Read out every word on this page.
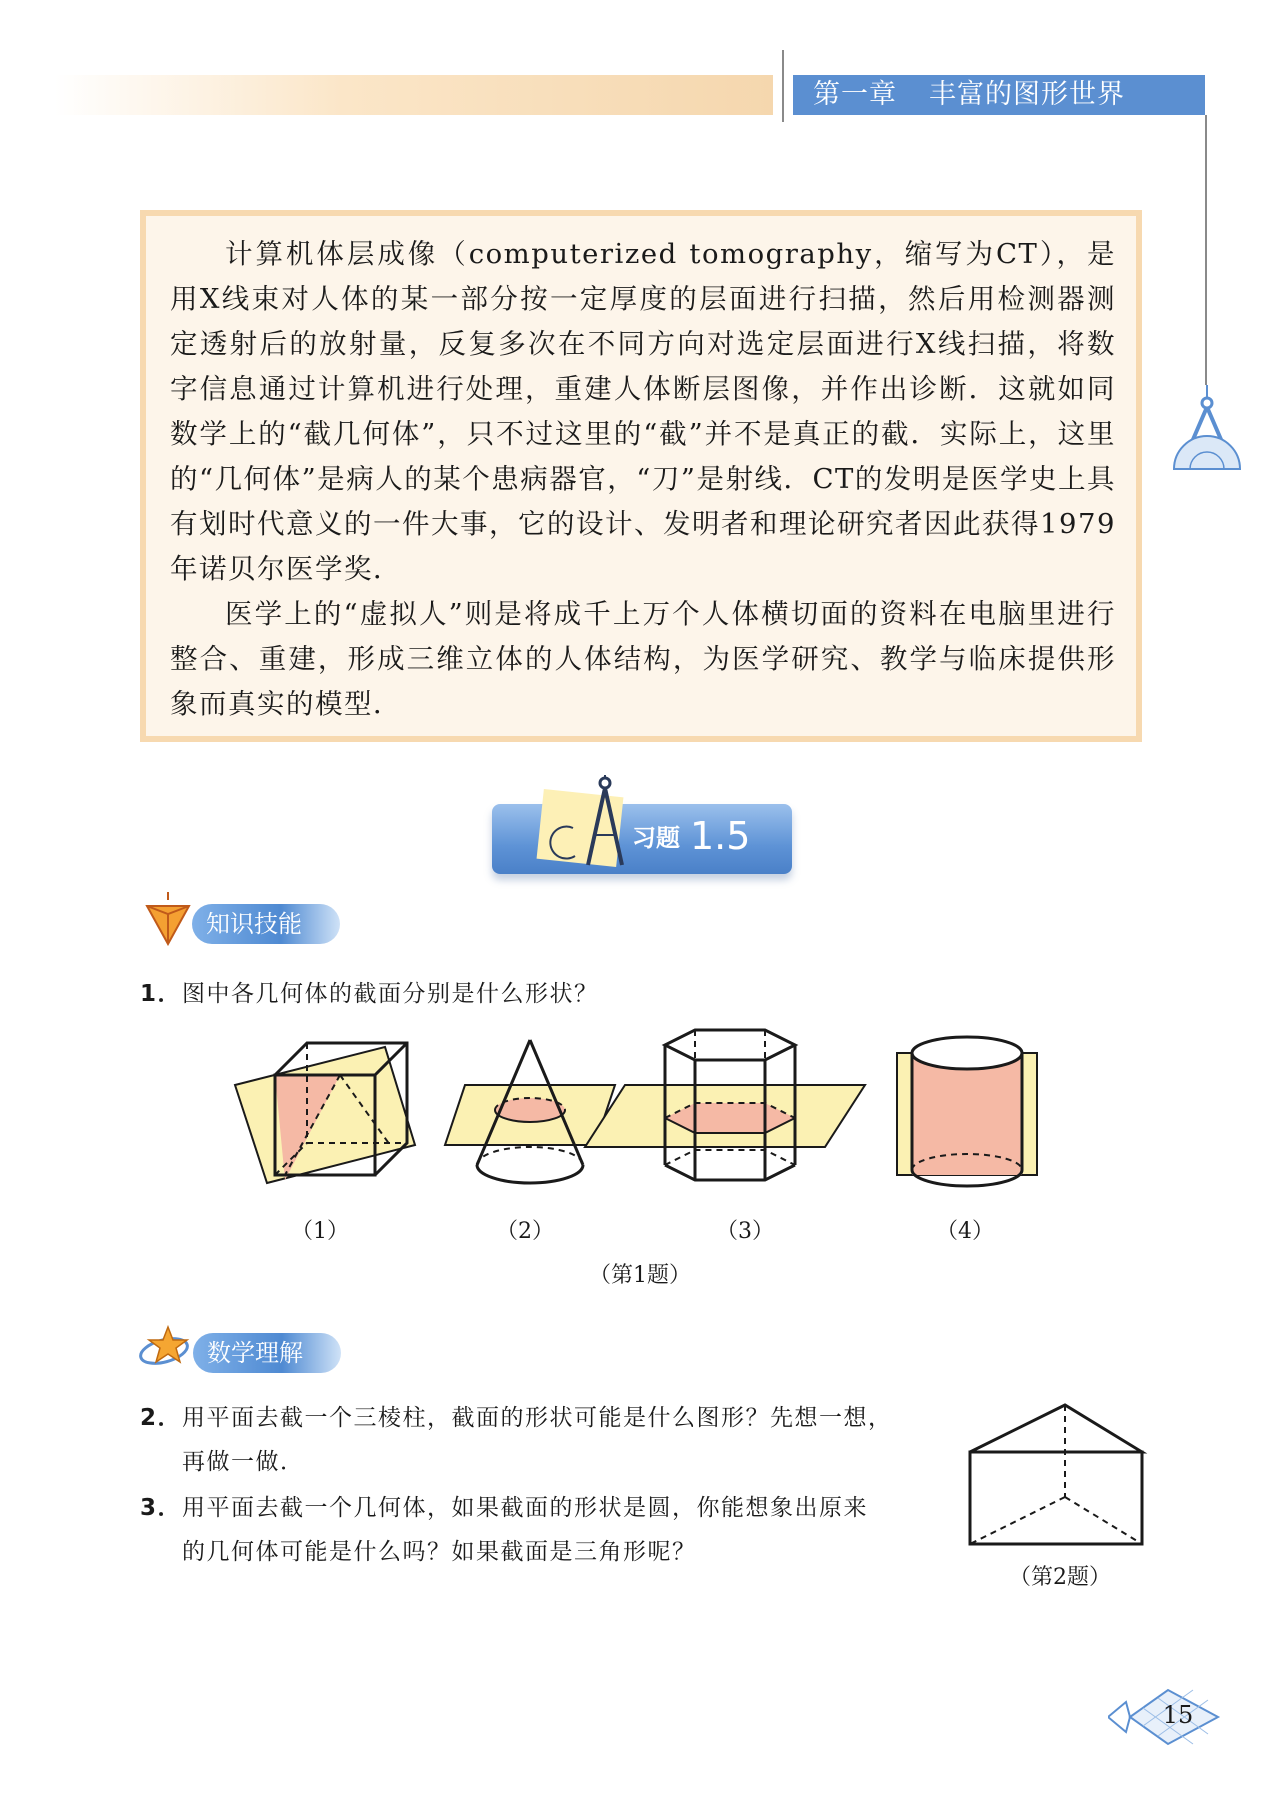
第一章 丰富的图形世界

计算机体层成像（computerized tomography，缩写为CT），是用X线束对人体的某一部分按一定厚度的层面进行扫描，然后用检测器测定透射后的放射量，反复多次在不同方向对选定层面进行X线扫描，将数字信息通过计算机进行处理，重建人体断层图像，并作出诊断．这就如同数学上的“截几何体”，只不过这里的“截”并不是真正的截．实际上，这里的“几何体”是病人的某个患病器官，“刀”是射线．CT的发明是医学史上具有划时代意义的一件大事，它的设计、发明者和理论研究者因此获得1979年诺贝尔医学奖．

医学上的“虚拟人”则是将成千上万个人体横切面的资料在电脑里进行整合、重建，形成三维立体的人体结构，为医学研究、教学与临床提供形象而真实的模型．

习题 1.5
知识技能
1．图中各几何体的截面分别是什么形状？
（1）	（2）	（3）	（4）
（第1题）
数学理解
2．用平面去截一个三棱柱，截面的形状可能是什么图形？先想一想，
再做一做．
3．用平面去截一个几何体，如果截面的形状是圆，你能想象出原来
的几何体可能是什么吗？如果截面是三角形呢？
（第2题）
15
